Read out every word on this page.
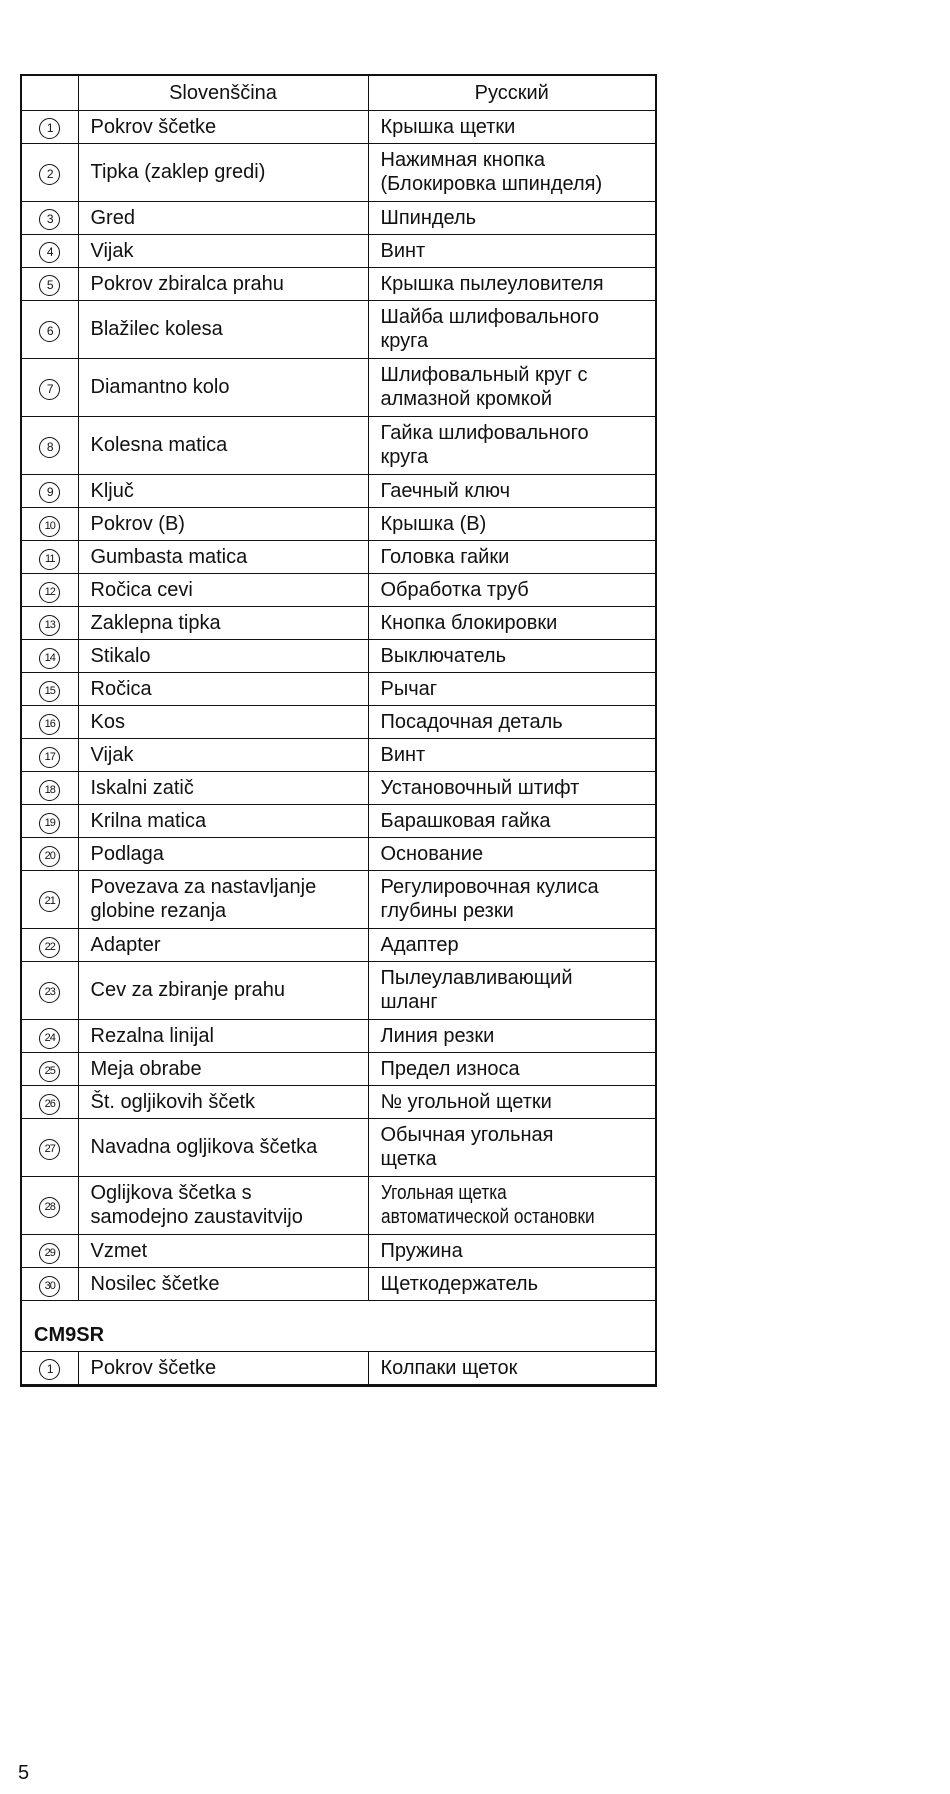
	Slovenščina	Русский
1	Pokrov ščetke	Крышка щетки
2	Tipka (zaklep gredi)	Нажимная кнопка
(Блокировка шпинделя)
3	Gred	Шпиндель
4	Vijak	Винт
5	Pokrov zbiralca prahu	Крышка пылеуловителя
6	Blažilec kolesa	Шайба шлифовального
круга
7	Diamantno kolo	Шлифовальный круг с
алмазной кромкой
8	Kolesna matica	Гайка шлифовального
круга
9	Ključ	Гаечный ключ
10	Pokrov (B)	Крышка (B)
11	Gumbasta matica	Головка гайки
12	Ročica cevi	Обработка труб
13	Zaklepna tipka	Кнопка блокировки
14	Stikalo	Выключатель
15	Ročica	Рычаг
16	Kos	Посадочная деталь
17	Vijak	Винт
18	Iskalni zatič	Установочный штифт
19	Krilna matica	Барашковая гайка
20	Podlaga	Основание
21	Povezava za nastavljanje
globine rezanja	Регулировочная кулиса
глубины резки
22	Adapter	Адаптер
23	Cev za zbiranje prahu	Пылеулавливающий
шланг
24	Rezalna linijal	Линия резки
25	Meja obrabe	Предел износа
26	Št. ogljikovih ščetk	№ угольной щетки
27	Navadna ogljikova ščetka	Обычная угольная
щетка
28	Oglijkova ščetka s
samodejno zaustavitvijo	Угольная щетка
автоматической остановки
29	Vzmet	Пружина
30	Nosilec ščetke	Щеткодержатель
CM9SR		
1	Pokrov ščetke	Колпаки щеток
5
